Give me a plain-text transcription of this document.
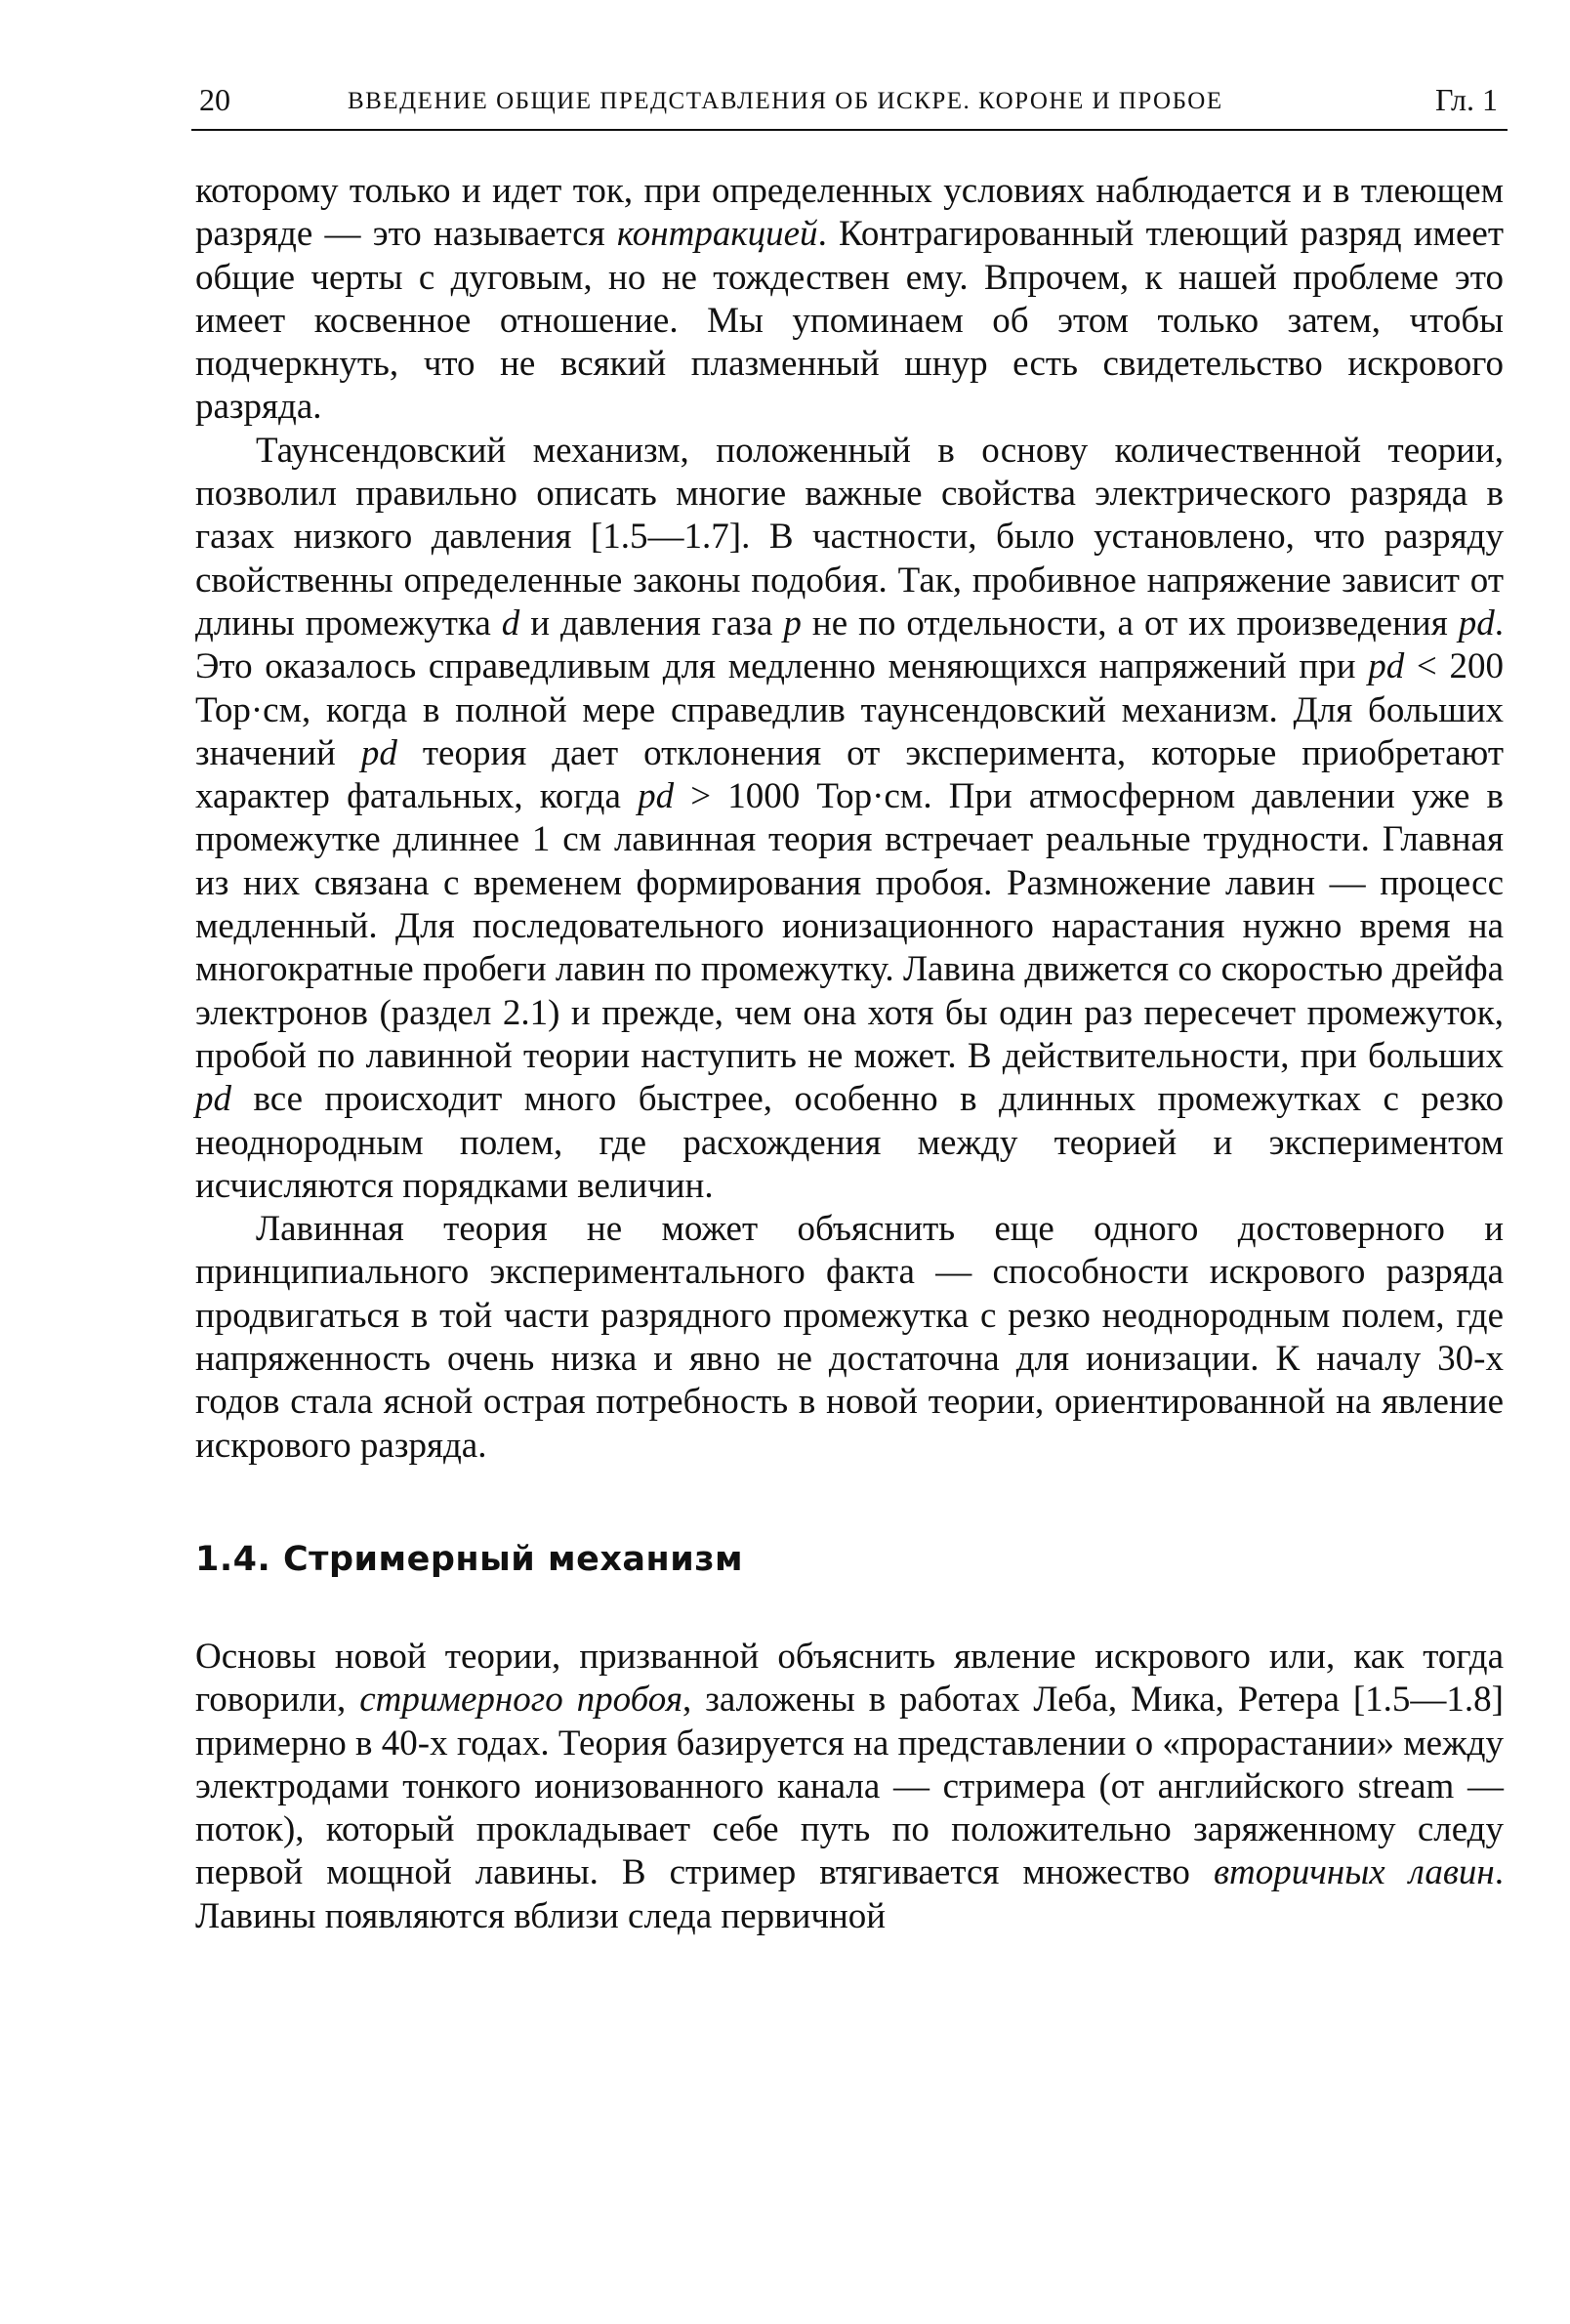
20	ВВЕДЕНИЕ ОБЩИЕ ПРЕДСТАВЛЕНИЯ ОБ ИСКРЕ. КОРОНЕ И ПРОБОЕ	Гл. 1

которому только и идет ток, при определенных условиях наблюдается и в тлеющем разряде — это называется контракцией. Контрагированный тлеющий разряд имеет общие черты с дуговым, но не тождествен ему. Впрочем, к нашей проблеме это имеет косвенное отношение. Мы упоминаем об этом только затем, чтобы подчеркнуть, что не всякий плазменный шнур есть свидетельство искрового разряда.

Таунсендовский механизм, положенный в основу количественной теории, позволил правильно описать многие важные свойства электрического разряда в газах низкого давления [1.5—1.7]. В частности, было установлено, что разряду свойственны определенные законы подобия. Так, пробивное напряжение зависит от длины промежутка d и давления газа p не по отдельности, а от их произведения pd. Это оказалось справедливым для медленно меняющихся напряжений при pd < 200 Тор·см, когда в полной мере справедлив таунсендовский механизм. Для больших значений pd теория дает отклонения от эксперимента, которые приобретают характер фатальных, когда pd > 1000 Тор·см. При атмосферном давлении уже в промежутке длиннее 1 см лавинная теория встречает реальные трудности. Главная из них связана с временем формирования пробоя. Размножение лавин — процесс медленный. Для последовательного ионизационного нарастания нужно время на многократные пробеги лавин по промежутку. Лавина движется со скоростью дрейфа электронов (раздел 2.1) и прежде, чем она хотя бы один раз пересечет промежуток, пробой по лавинной теории наступить не может. В действительности, при больших pd все происходит много быстрее, особенно в длинных промежутках с резко неоднородным полем, где расхождения между теорией и экспериментом исчисляются порядками величин.

Лавинная теория не может объяснить еще одного достоверного и принципиального экспериментального факта — способности искрового разряда продвигаться в той части разрядного промежутка с резко неоднородным полем, где напряженность очень низка и явно не достаточна для ионизации. К началу 30-х годов стала ясной острая потребность в новой теории, ориентированной на явление искрового разряда.

1.4. Стримерный механизм

Основы новой теории, призванной объяснить явление искрового или, как тогда говорили, стримерного пробоя, заложены в работах Леба, Мика, Ретера [1.5—1.8] примерно в 40-х годах. Теория базируется на представлении о «прорастании» между электродами тонкого ионизованного канала — стримера (от английского stream — поток), который прокладывает себе путь по положительно заряженному следу первой мощной лавины. В стример втягивается множество вторичных лавин. Лавины появляются вблизи следа первичной
